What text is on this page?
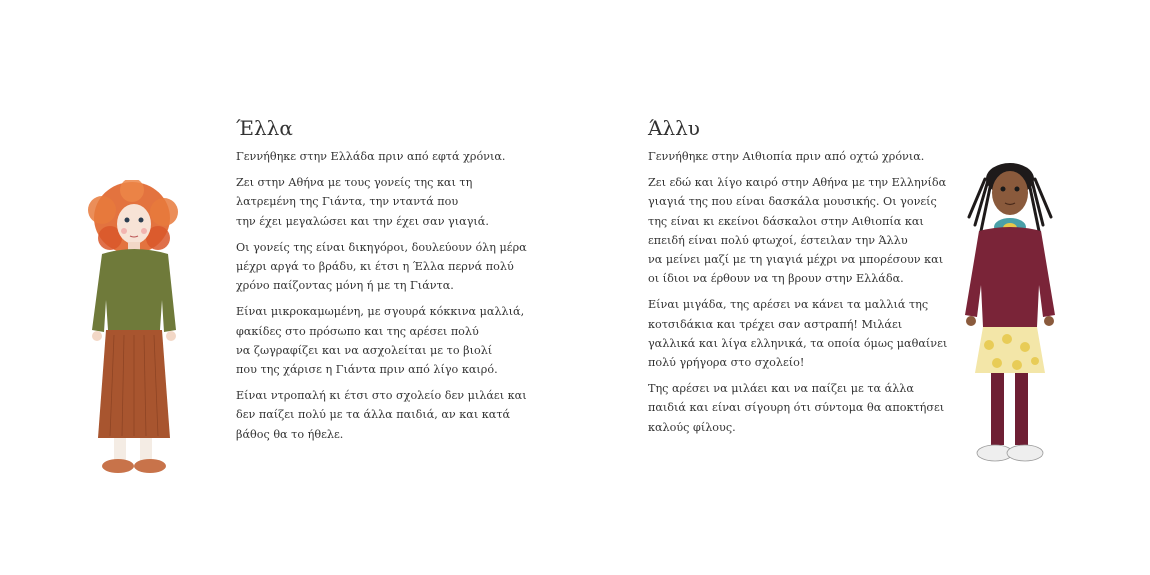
Έλλα

Γεννήθηκε στην Ελλάδα πριν από εφτά χρόνια.

Ζει στην Αθήνα με τους γονείς της και τη
λατρεμένη της Γιάντα, την νταντά που
την έχει μεγαλώσει και την έχει σαν γιαγιά.

Οι γονείς της είναι δικηγόροι, δουλεύουν όλη μέρα
μέχρι αργά το βράδυ, κι έτσι η Έλλα περνά πολύ
χρόνο παίζοντας μόνη ή με τη Γιάντα.

Είναι μικροκαμωμένη, με σγουρά κόκκινα μαλλιά,
φακίδες στο πρόσωπο και της αρέσει πολύ
να ζωγραφίζει και να ασχολείται με το βιολί
που της χάρισε η Γιάντα πριν από λίγο καιρό.

Είναι ντροπαλή κι έτσι στο σχολείο δεν μιλάει και
δεν παίζει πολύ με τα άλλα παιδιά, αν και κατά
βάθος θα το ήθελε.

Άλλυ

Γεννήθηκε στην Αιθιοπία πριν από οχτώ χρόνια.

Ζει εδώ και λίγο καιρό στην Αθήνα με την Ελληνίδα
γιαγιά της που είναι δασκάλα μουσικής. Οι γονείς
της είναι κι εκείνοι δάσκαλοι στην Αιθιοπία και
επειδή είναι πολύ φτωχοί, έστειλαν την Άλλυ
να μείνει μαζί με τη γιαγιά μέχρι να μπορέσουν και
οι ίδιοι να έρθουν να τη βρουν στην Ελλάδα.

Είναι μιγάδα, της αρέσει να κάνει τα μαλλιά της
κοτσιδάκια και τρέχει σαν αστραπή! Μιλάει
γαλλικά και λίγα ελληνικά, τα οποία όμως μαθαίνει
πολύ γρήγορα στο σχολείο!

Της αρέσει να μιλάει και να παίζει με τα άλλα
παιδιά και είναι σίγουρη ότι σύντομα θα αποκτήσει
καλούς φίλους.
